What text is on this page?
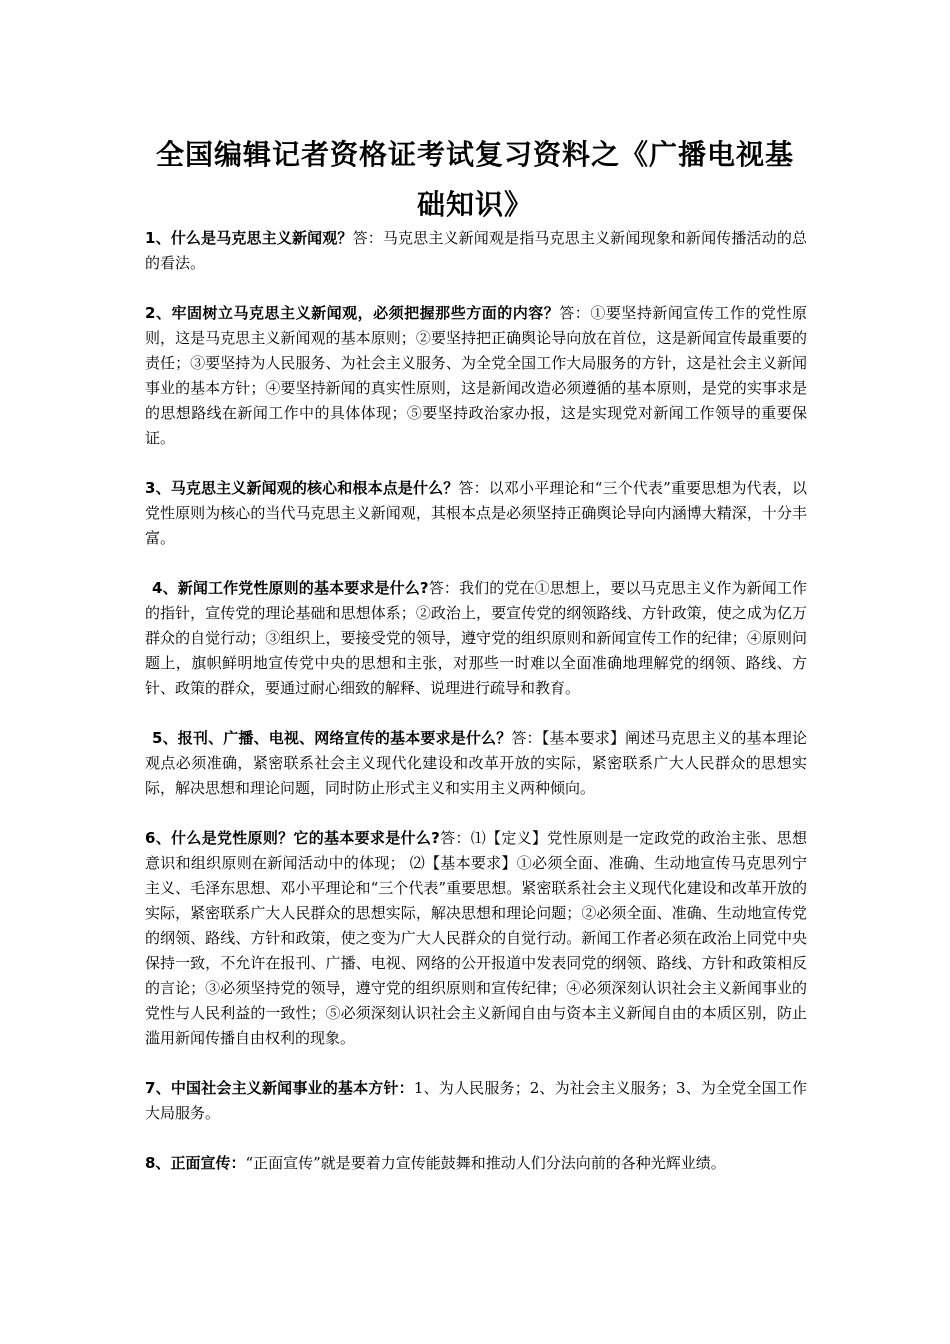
全国编辑记者资格证考试复习资料之《广播电视基础知识》

1、什么是马克思主义新闻观？答：马克思主义新闻观是指马克思主义新闻现象和新闻传播活动的总的看法。

2、牢固树立马克思主义新闻观，必须把握那些方面的内容？答：①要坚持新闻宣传工作的党性原则，这是马克思主义新闻观的基本原则；②要坚持把正确舆论导向放在首位，这是新闻宣传最重要的责任；③要坚持为人民服务、为社会主义服务、为全党全国工作大局服务的方针，这是社会主义新闻事业的基本方针；④要坚持新闻的真实性原则，这是新闻改造必须遵循的基本原则，是党的实事求是的思想路线在新闻工作中的具体体现；⑤要坚持政治家办报，这是实现党对新闻工作领导的重要保证。

3、马克思主义新闻观的核心和根本点是什么？答：以邓小平理论和“三个代表”重要思想为代表，以党性原则为核心的当代马克思主义新闻观，其根本点是必须坚持正确舆论导向内涵博大精深，十分丰富。

4、新闻工作党性原则的基本要求是什么?答：我们的党在①思想上，要以马克思主义作为新闻工作的指针，宣传党的理论基础和思想体系；②政治上，要宣传党的纲领路线、方针政策，使之成为亿万群众的自觉行动；③组织上，要接受党的领导，遵守党的组织原则和新闻宣传工作的纪律；④原则问题上，旗帜鲜明地宣传党中央的思想和主张，对那些一时难以全面准确地理解党的纲领、路线、方针、政策的群众，要通过耐心细致的解释、说理进行疏导和教育。

5、报刊、广播、电视、网络宣传的基本要求是什么？答：【基本要求】阐述马克思主义的基本理论观点必须准确，紧密联系社会主义现代化建设和改革开放的实际，紧密联系广大人民群众的思想实际，解决思想和理论问题，同时防止形式主义和实用主义两种倾向。

6、什么是党性原则？它的基本要求是什么?答：⑴【定义】党性原则是一定政党的政治主张、思想意识和组织原则在新闻活动中的体现； ⑵【基本要求】①必须全面、准确、生动地宣传马克思列宁主义、毛泽东思想、邓小平理论和“三个代表”重要思想。紧密联系社会主义现代化建设和改革开放的实际，紧密联系广大人民群众的思想实际，解决思想和理论问题；②必须全面、准确、生动地宣传党的纲领、路线、方针和政策，使之变为广大人民群众的自觉行动。新闻工作者必须在政治上同党中央保持一致，不允许在报刊、广播、电视、网络的公开报道中发表同党的纲领、路线、方针和政策相反的言论；③必须坚持党的领导，遵守党的组织原则和宣传纪律；④必须深刻认识社会主义新闻事业的党性与人民利益的一致性；⑤必须深刻认识社会主义新闻自由与资本主义新闻自由的本质区别，防止滥用新闻传播自由权利的现象。

7、中国社会主义新闻事业的基本方针：1、为人民服务；2、为社会主义服务；3、为全党全国工作大局服务。

8、正面宣传：“正面宣传”就是要着力宣传能鼓舞和推动人们分法向前的各种光辉业绩。
